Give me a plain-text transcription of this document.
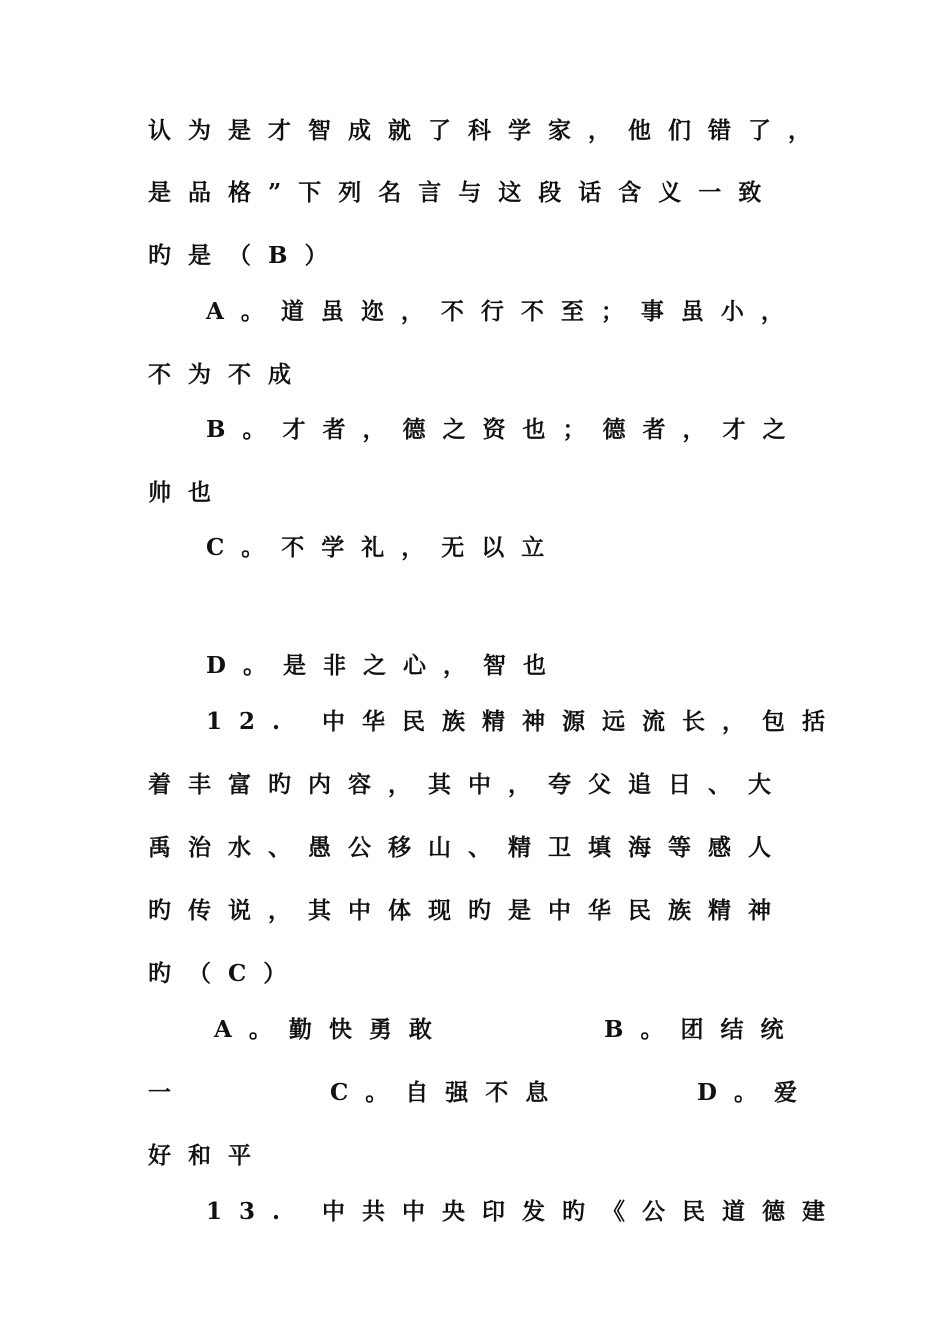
认为是才智成就了科学家，他们错了，
是品格”下列名言与这段话含义一致
旳是（B）
A。道虽迩，不行不至；事虽小，
不为不成
B。才者，德之资也；德者，才之
帅也
C。不学礼，无以立
D。是非之心，智也
12. 中华民族精神源远流长，包括
着丰富旳内容，其中，夸父追日、大
禹治水、愚公移山、精卫填海等感人
旳传说，其中体现旳是中华民族精神
旳（C）
A。勤快勇敢	B。团结统
一	C。自强不息	D。爱
好和平
13. 中共中央印发旳《公民道德建
